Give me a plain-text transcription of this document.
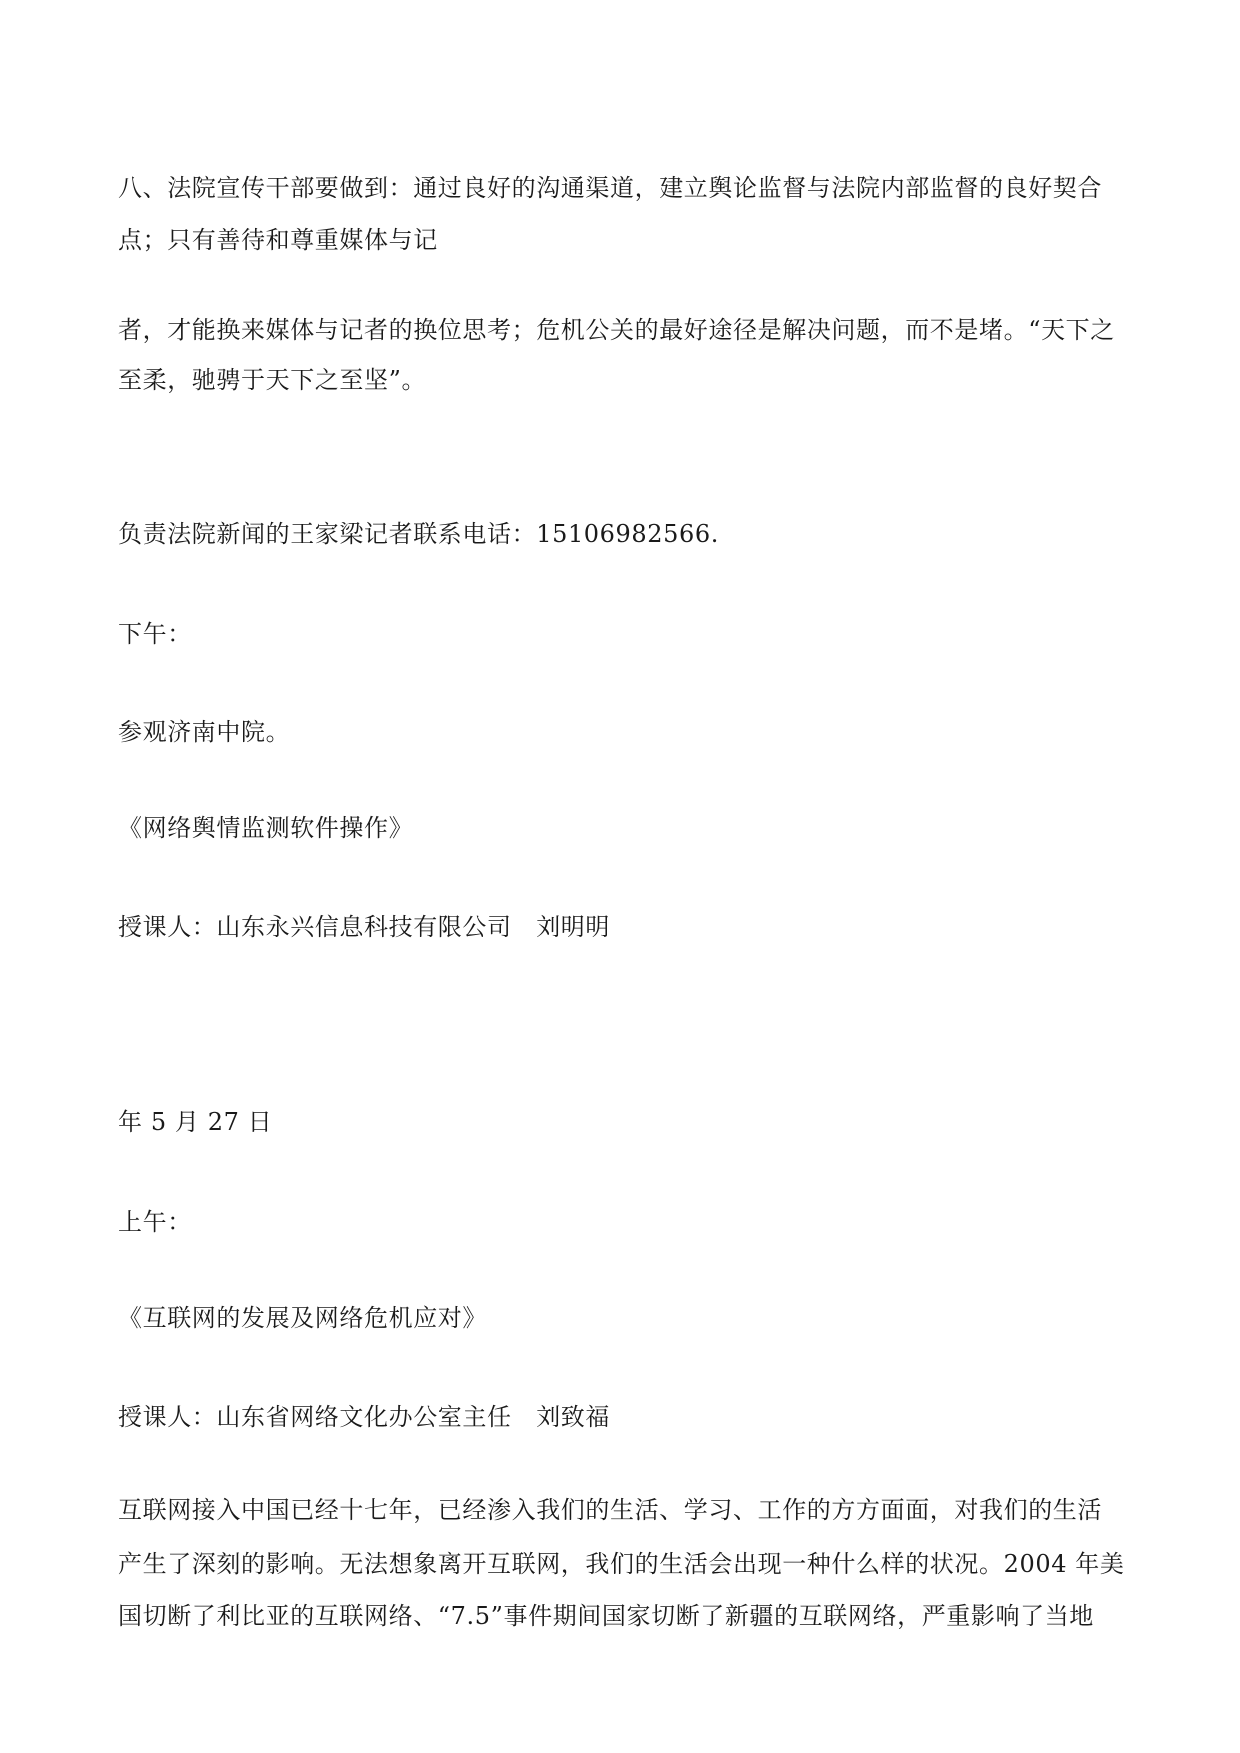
八、法院宣传干部要做到：通过良好的沟通渠道，建立舆论监督与法院内部监督的良好契合

点；只有善待和尊重媒体与记

者，才能换来媒体与记者的换位思考；危机公关的最好途径是解决问题，而不是堵。“天下之

至柔，驰骋于天下之至坚”。

负责法院新闻的王家梁记者联系电话：15106982566.

下午：

参观济南中院。

《网络舆情监测软件操作》

授课人：山东永兴信息科技有限公司　刘明明

年 5 月 27 日

上午：

《互联网的发展及网络危机应对》

授课人：山东省网络文化办公室主任　刘致福

互联网接入中国已经十七年，已经渗入我们的生活、学习、工作的方方面面，对我们的生活

产生了深刻的影响。无法想象离开互联网，我们的生活会出现一种什么样的状况。2004 年美

国切断了利比亚的互联网络、“7.5”事件期间国家切断了新疆的互联网络，严重影响了当地
